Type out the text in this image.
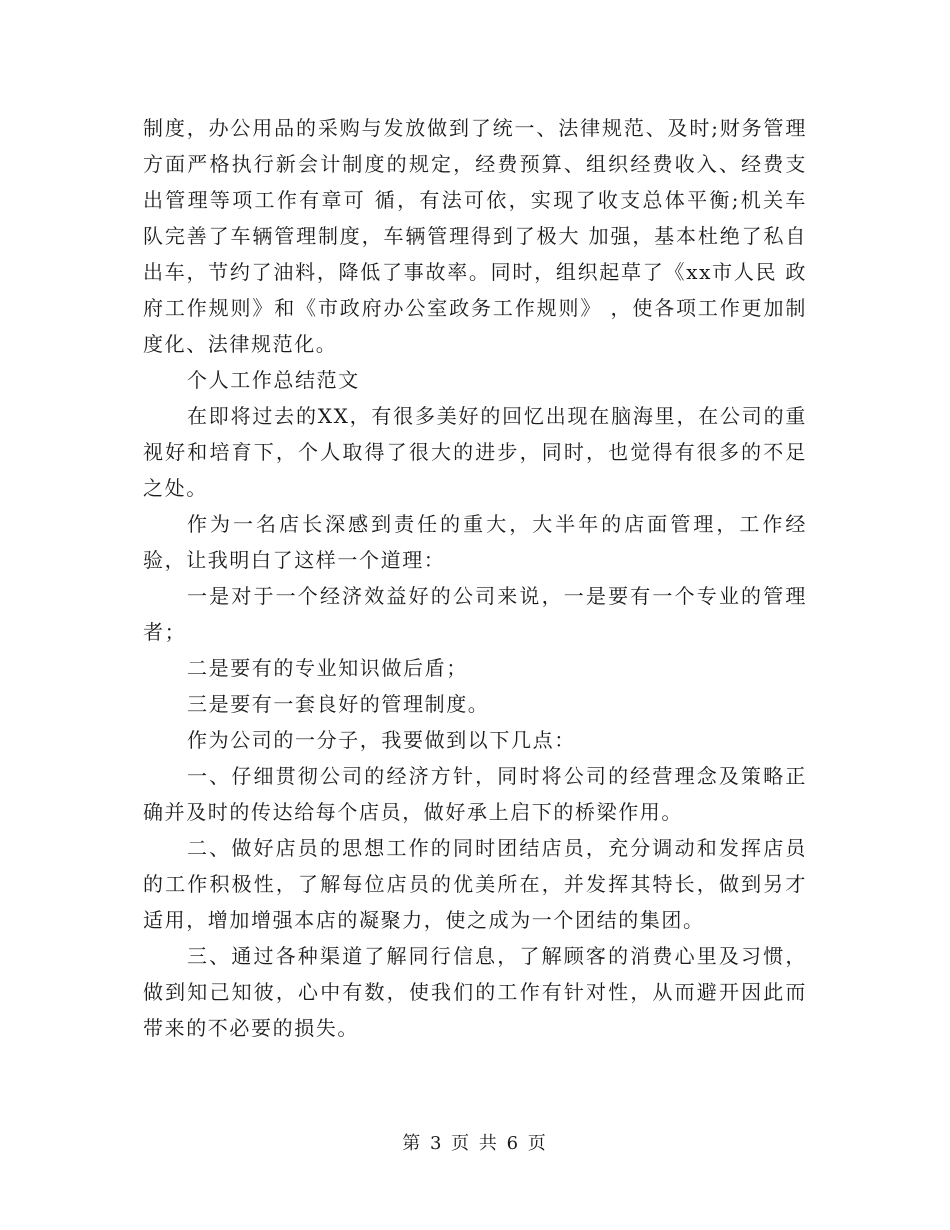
制度，办公用品的采购与发放做到了统一、法律规范、及时;财务管理方面严格执行新会计制度的规定，经费预算、组织经费收入、经费支出管理等项工作有章可 循，有法可依，实现了收支总体平衡;机关车队完善了车辆管理制度，车辆管理得到了极大 加强，基本杜绝了私自出车，节约了油料，降低了事故率。同时，组织起草了《xx市人民 政府工作规则》和《市政府办公室政务工作规则》 ，使各项工作更加制度化、法律规范化。

个人工作总结范文

在即将过去的XX，有很多美好的回忆出现在脑海里，在公司的重视好和培育下，个人取得了很大的进步，同时，也觉得有很多的不足之处。

作为一名店长深感到责任的重大，大半年的店面管理，工作经验，让我明白了这样一个道理：

一是对于一个经济效益好的公司来说，一是要有一个专业的管理者；

二是要有的专业知识做后盾；

三是要有一套良好的管理制度。

作为公司的一分子，我要做到以下几点：

一、仔细贯彻公司的经济方针，同时将公司的经营理念及策略正确并及时的传达给每个店员，做好承上启下的桥梁作用。

二、做好店员的思想工作的同时团结店员，充分调动和发挥店员的工作积极性，了解每位店员的优美所在，并发挥其特长，做到另才适用，增加增强本店的凝聚力，使之成为一个团结的集团。

三、通过各种渠道了解同行信息，了解顾客的消费心里及习惯，做到知己知彼，心中有数，使我们的工作有针对性，从而避开因此而带来的不必要的损失。

第 3 页 共 6 页
